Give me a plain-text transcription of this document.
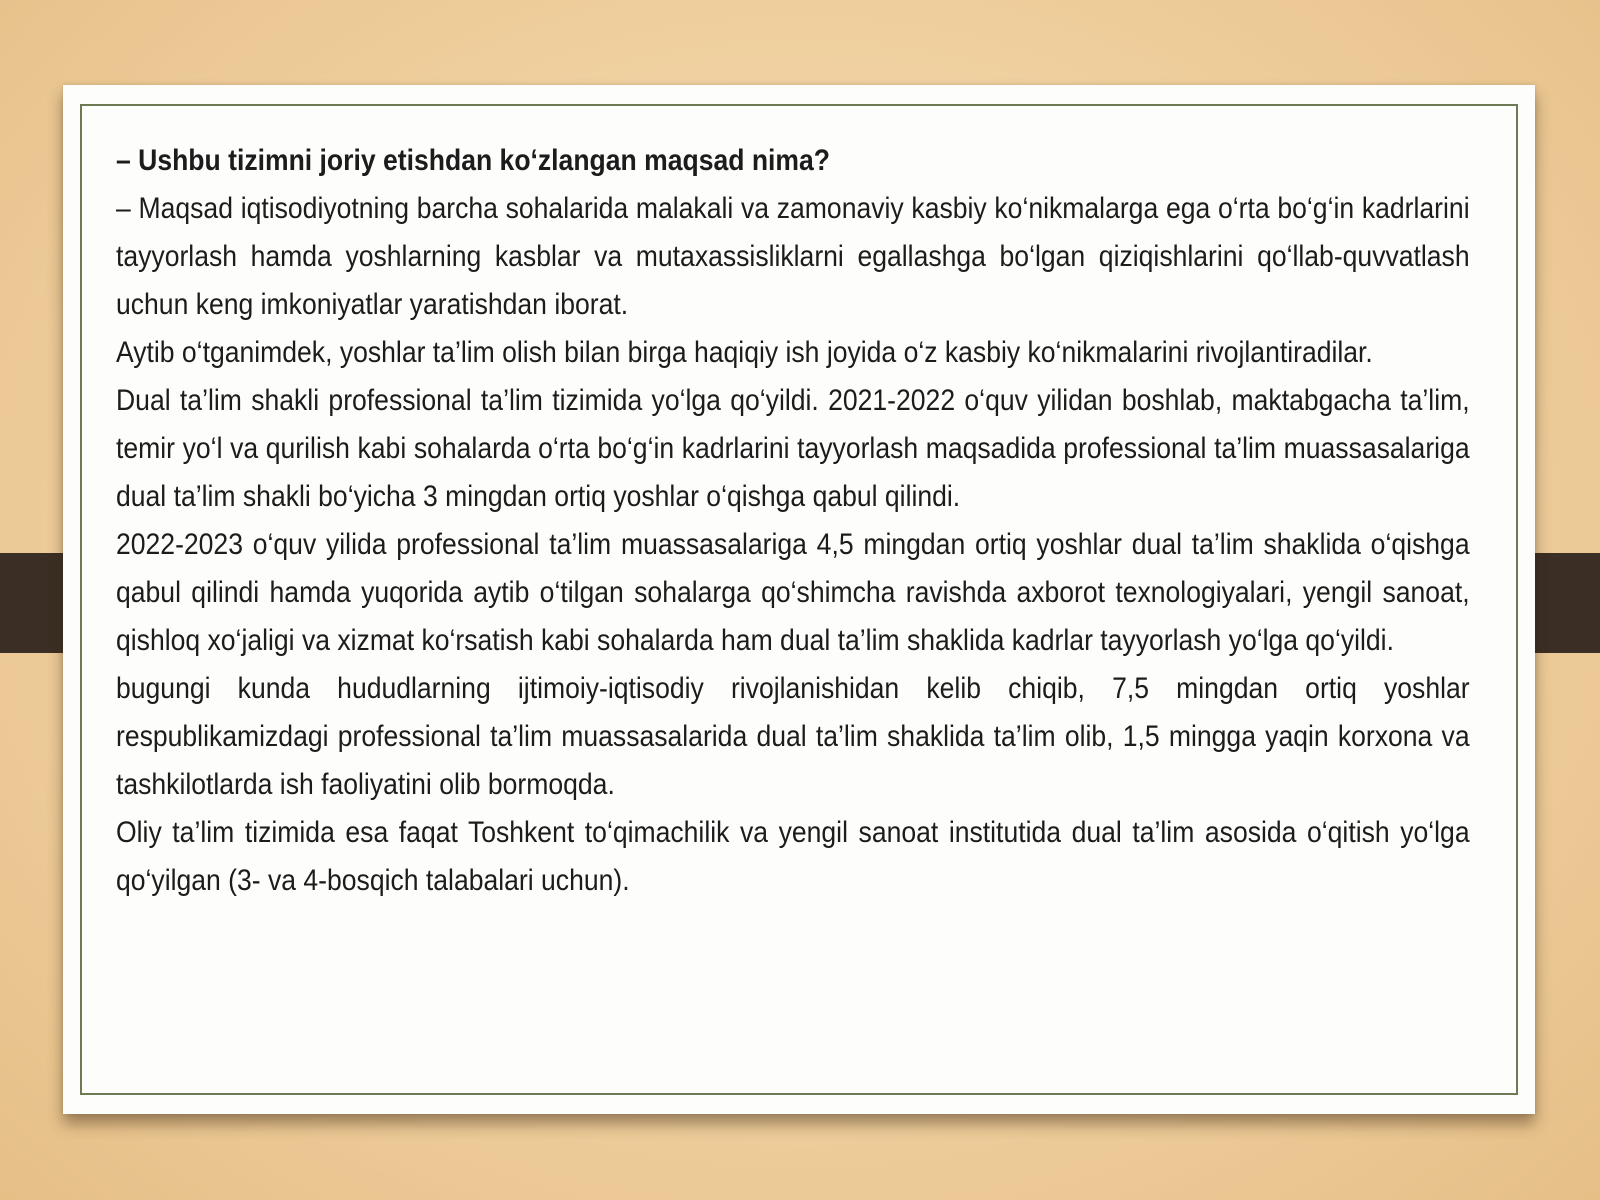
– Ushbu tizimni joriy etishdan ko‘zlangan maqsad nima?

– Maqsad iqtisodiyotning barcha sohalarida malakali va zamonaviy kasbiy ko‘nikmalarga ega o‘rta bo‘g‘in kadrlarini tayyorlash hamda yoshlarning kasblar va mutaxassisliklarni egallashga bo‘lgan qiziqishlarini qo‘llab-quvvatlash uchun keng imkoniyatlar yaratishdan iborat.

Aytib o‘tganimdek, yoshlar ta’lim olish bilan birga haqiqiy ish joyida o‘z kasbiy ko‘nikmalarini rivojlantiradilar.

Dual ta’lim shakli professional ta’lim tizimida yo‘lga qo‘yildi. 2021-2022 o‘quv yilidan boshlab, maktabgacha ta’lim, temir yo‘l va qurilish kabi sohalarda o‘rta bo‘g‘in kadrlarini tayyorlash maqsadida professional ta’lim muassasalariga dual ta’lim shakli bo‘yicha 3 mingdan ortiq yoshlar o‘qishga qabul qilindi.

2022-2023 o‘quv yilida professional ta’lim muassasalariga 4,5 mingdan ortiq yoshlar dual ta’lim shaklida o‘qishga qabul qilindi hamda yuqorida aytib o‘tilgan sohalarga qo‘shimcha ravishda axborot texnologiyalari, yengil sanoat, qishloq xo‘jaligi va xizmat ko‘rsatish kabi sohalarda ham dual ta’lim shaklida kadrlar tayyorlash yo‘lga qo‘yildi.

bugungi kunda hududlarning ijtimoiy-iqtisodiy rivojlanishidan kelib chiqib, 7,5 mingdan ortiq yoshlar respublikamizdagi professional ta’lim muassasalarida dual ta’lim shaklida ta’lim olib, 1,5 mingga yaqin korxona va tashkilotlarda ish faoliyatini olib bormoqda.

Oliy ta’lim tizimida esa faqat Toshkent to‘qimachilik va yengil sanoat institutida dual ta’lim asosida o‘qitish yo‘lga qo‘yilgan (3- va 4-bosqich talabalari uchun).
